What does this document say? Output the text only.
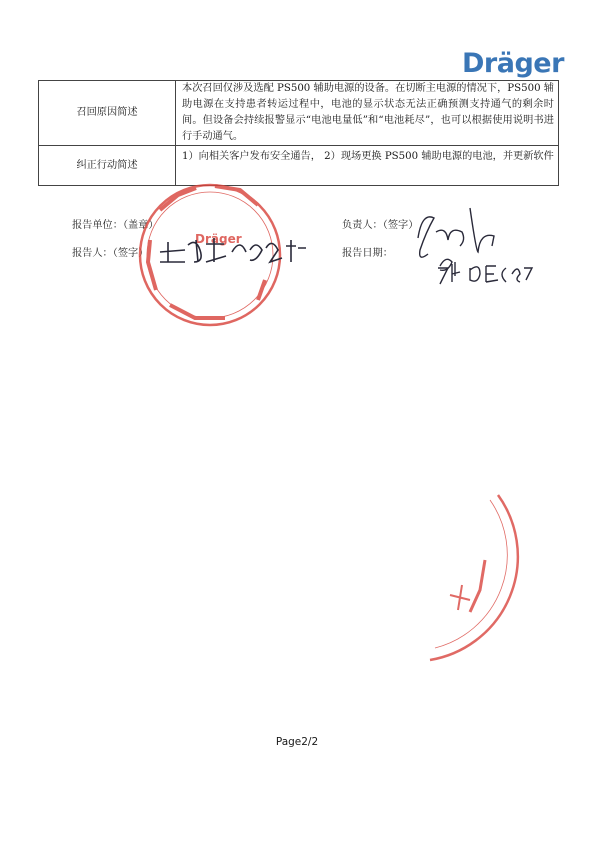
Dräger
召回原因简述	本次召回仅涉及选配 PS500 辅助电源的设备。在切断主电源的情况下，PS500 辅助电源在支持患者转运过程中，电池的显示状态无法正确预测支持通气的剩余时间。但设备会持续报警显示“电池电量低”和“电池耗尽”，也可以根据使用说明书进行手动通气。
纠正行动简述	1）向相关客户发布安全通告， 2）现场更换 PS500 辅助电源的电池，并更新软件
报告单位：（盖章）	负责人：（签字）
报告人：（签字）	报告日期：
Dräger
Page2/2
